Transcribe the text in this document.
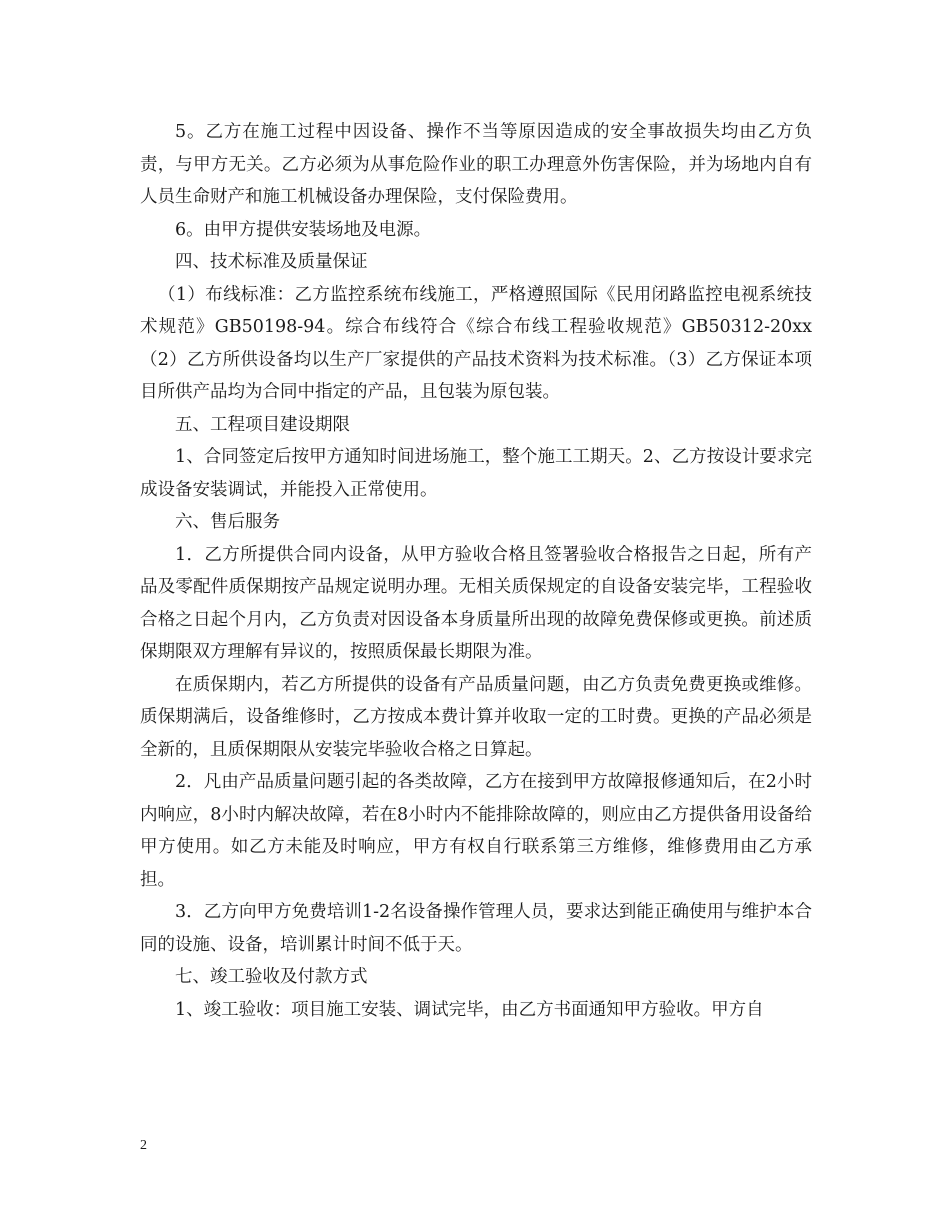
5。乙方在施工过程中因设备、操作不当等原因造成的安全事故损失均由乙方负责，与甲方无关。乙方必须为从事危险作业的职工办理意外伤害保险，并为场地内自有人员生命财产和施工机械设备办理保险，支付保险费用。

6。由甲方提供安装场地及电源。

四、技术标准及质量保证

（1）布线标准：乙方监控系统布线施工，严格遵照国际《民用闭路监控电视系统技术规范》GB50198-94。综合布线符合《综合布线工程验收规范》GB50312-20xx（2）乙方所供设备均以生产厂家提供的产品技术资料为技术标准。（3）乙方保证本项目所供产品均为合同中指定的产品，且包装为原包装。

五、工程项目建设期限

1、合同签定后按甲方通知时间进场施工，整个施工工期天。2、乙方按设计要求完成设备安装调试，并能投入正常使用。

六、售后服务

1．乙方所提供合同内设备，从甲方验收合格且签署验收合格报告之日起，所有产品及零配件质保期按产品规定说明办理。无相关质保规定的自设备安装完毕，工程验收合格之日起个月内，乙方负责对因设备本身质量所出现的故障免费保修或更换。前述质保期限双方理解有异议的，按照质保最长期限为准。

在质保期内，若乙方所提供的设备有产品质量问题，由乙方负责免费更换或维修。质保期满后，设备维修时，乙方按成本费计算并收取一定的工时费。更换的产品必须是全新的，且质保期限从安装完毕验收合格之日算起。

2．凡由产品质量问题引起的各类故障，乙方在接到甲方故障报修通知后，在2小时内响应，8小时内解决故障，若在8小时内不能排除故障的，则应由乙方提供备用设备给甲方使用。如乙方未能及时响应，甲方有权自行联系第三方维修，维修费用由乙方承担。

3．乙方向甲方免费培训1-2名设备操作管理人员，要求达到能正确使用与维护本合同的设施、设备，培训累计时间不低于天。

七、竣工验收及付款方式

1、竣工验收：项目施工安装、调试完毕，由乙方书面通知甲方验收。甲方自

2
